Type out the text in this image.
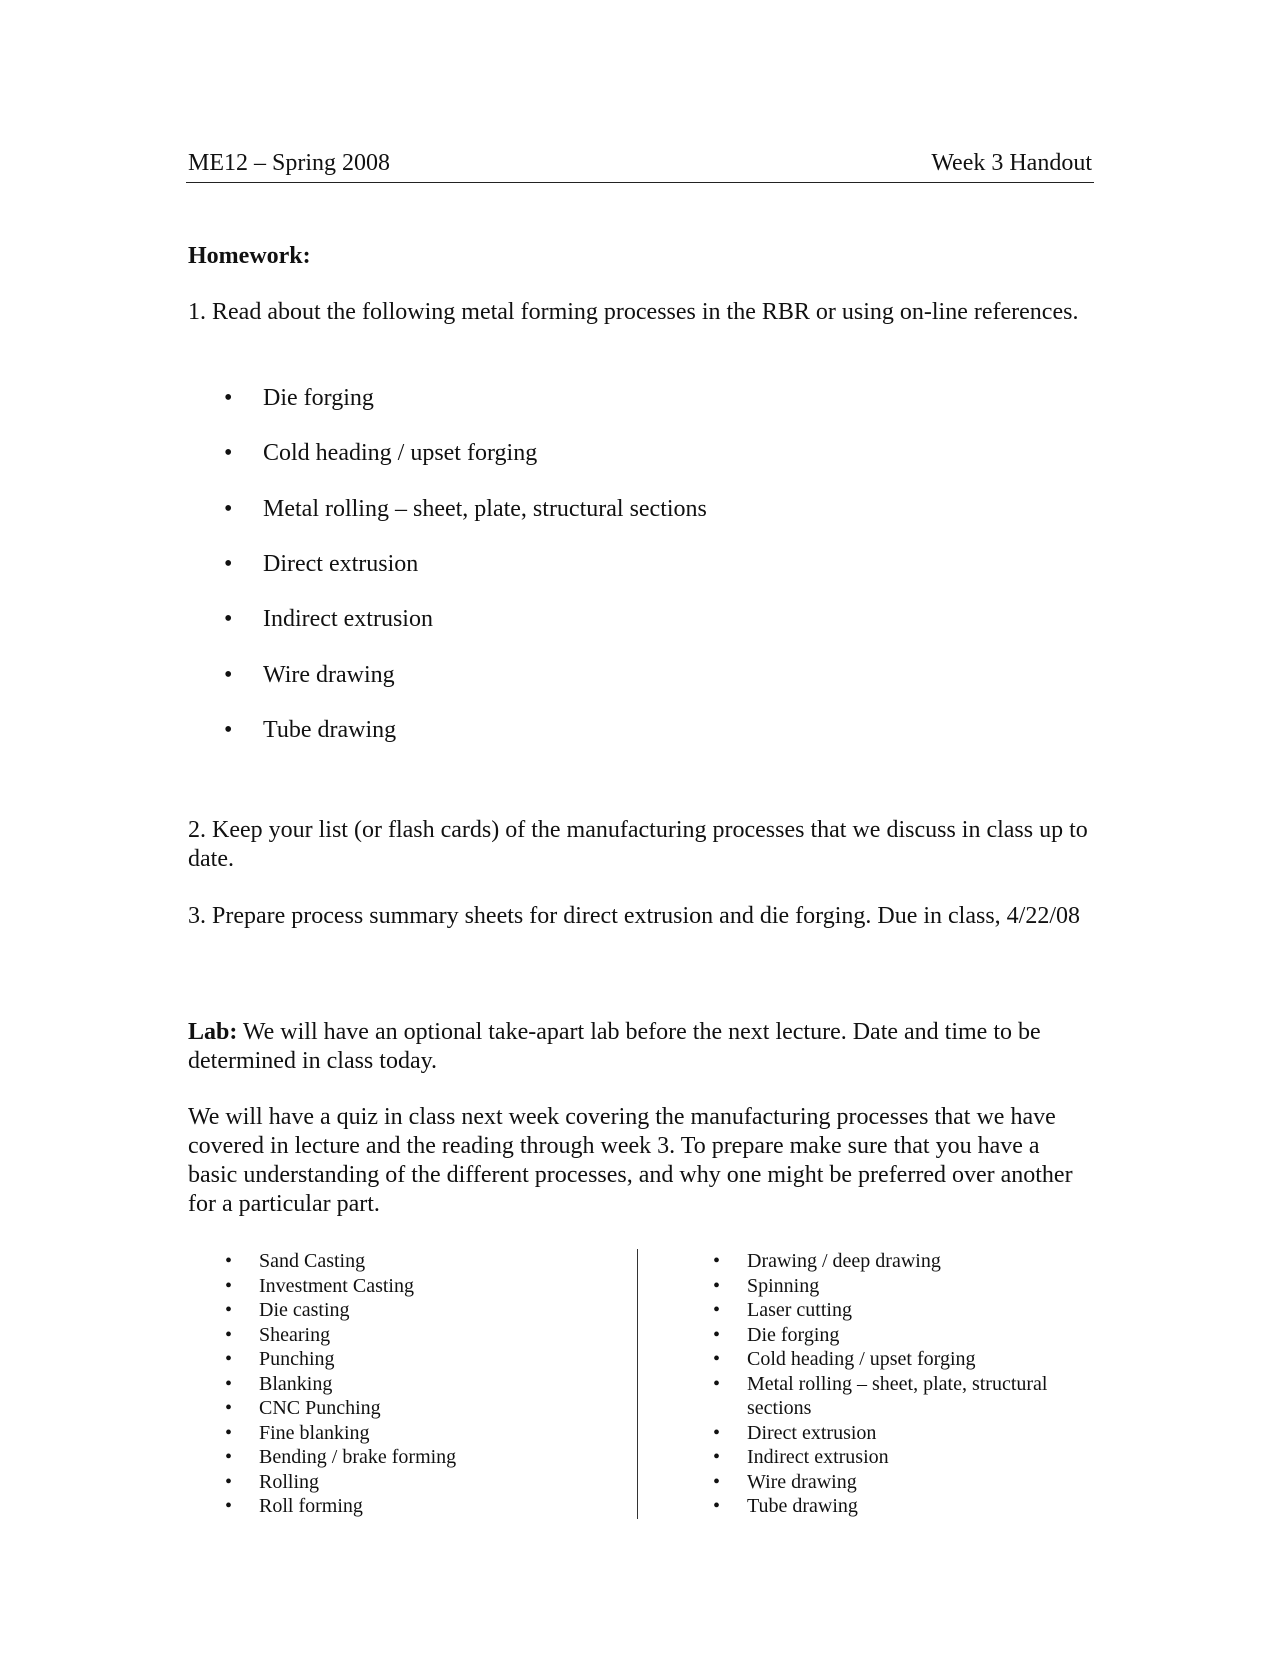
ME12 – Spring 2008	Week 3 Handout
Homework:
1. Read about the following metal forming processes in the RBR or using on-line references.
• Die forging
• Cold heading / upset forging
• Metal rolling – sheet, plate, structural sections
• Direct extrusion
• Indirect extrusion
• Wire drawing
• Tube drawing
2. Keep your list (or flash cards) of the manufacturing processes that we discuss in class up to date.
3. Prepare process summary sheets for direct extrusion and die forging. Due in class, 4/22/08
Lab: We will have an optional take-apart lab before the next lecture. Date and time to be determined in class today.
We will have a quiz in class next week covering the manufacturing processes that we have covered in lecture and the reading through week 3. To prepare make sure that you have a basic understanding of the different processes, and why one might be preferred over another for a particular part.
• Sand Casting
• Investment Casting
• Die casting
• Shearing
• Punching
• Blanking
• CNC Punching
• Fine blanking
• Bending / brake forming
• Rolling
• Roll forming
• Drawing / deep drawing
• Spinning
• Laser cutting
• Die forging
• Cold heading / upset forging
• Metal rolling – sheet, plate, structural sections
• Direct extrusion
• Indirect extrusion
• Wire drawing
• Tube drawing
